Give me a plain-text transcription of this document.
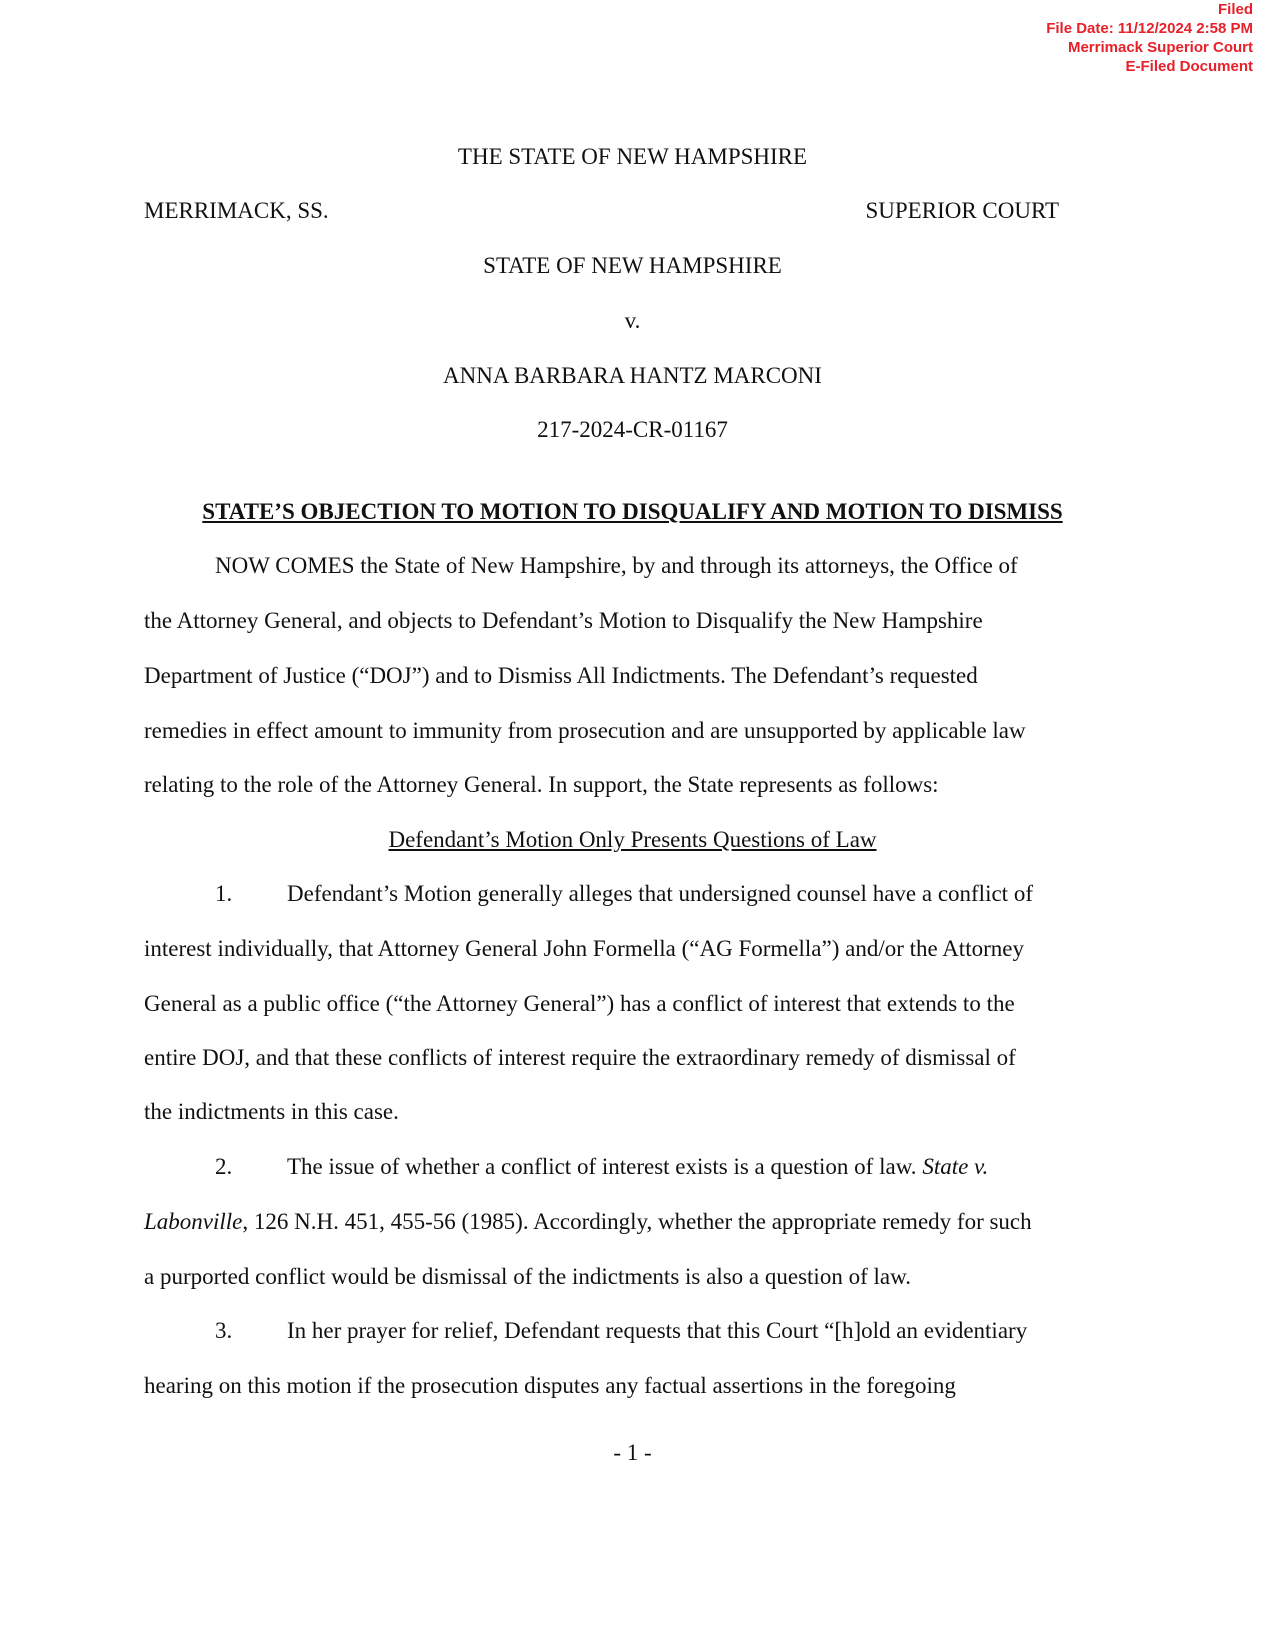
Filed
File Date: 11/12/2024 2:58 PM
Merrimack Superior Court
E-Filed Document
THE STATE OF NEW HAMPSHIRE
MERRIMACK, SS.	SUPERIOR COURT
STATE OF NEW HAMPSHIRE
v.
ANNA BARBARA HANTZ MARCONI
217-2024-CR-01167
STATE’S OBJECTION TO MOTION TO DISQUALIFY AND MOTION TO DISMISS
NOW COMES the State of New Hampshire, by and through its attorneys, the Office of
the Attorney General, and objects to Defendant’s Motion to Disqualify the New Hampshire
Department of Justice (“DOJ”) and to Dismiss All Indictments. The Defendant’s requested
remedies in effect amount to immunity from prosecution and are unsupported by applicable law
relating to the role of the Attorney General. In support, the State represents as follows:
Defendant’s Motion Only Presents Questions of Law
1. Defendant’s Motion generally alleges that undersigned counsel have a conflict of
interest individually, that Attorney General John Formella (“AG Formella”) and/or the Attorney
General as a public office (“the Attorney General”) has a conflict of interest that extends to the
entire DOJ, and that these conflicts of interest require the extraordinary remedy of dismissal of
the indictments in this case.
2. The issue of whether a conflict of interest exists is a question of law. State v.
Labonville, 126 N.H. 451, 455-56 (1985). Accordingly, whether the appropriate remedy for such
a purported conflict would be dismissal of the indictments is also a question of law.
3. In her prayer for relief, Defendant requests that this Court “[h]old an evidentiary
hearing on this motion if the prosecution disputes any factual assertions in the foregoing
- 1 -
